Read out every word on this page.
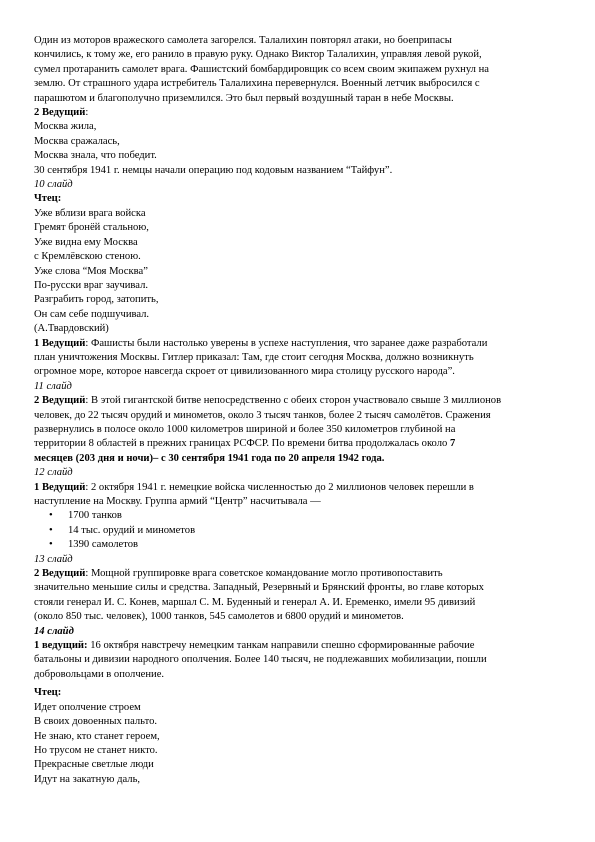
Один из моторов вражеского самолета загорелся. Талалихин повторял атаки, но боеприпасы
кончились, к тому же, его ранило в правую руку. Однако Виктор Талалихин, управляя левой рукой,
сумел протаранить самолет врага. Фашистский бомбардировщик со всем своим экипажем рухнул на
землю. От страшного удара истребитель Талалихина перевернулся. Военный летчик выбросился с
парашютом и благополучно приземлился. Это был первый воздушный таран в небе Москвы.

2 Ведущий:

Москва жила,

Москва сражалась,

Москва знала, что победит.

30 сентября 1941 г. немцы начали операцию под кодовым названием “Тайфун”.

10 слайд

Чтец:

Уже вблизи врага войска

Гремят бронёй стальною,

Уже видна ему Москва

с Кремлёвскою стеною.

Уже слова “Моя Москва”

По-русски враг заучивал.

Разграбить город, затопить,

Он сам себе подшучивал.

(А.Твардовский)

1 Ведущий: Фашисты были настолько уверены в успехе наступления, что заранее даже разработали
план уничтожения Москвы. Гитлер приказал: Там, где стоит сегодня Москва, должно возникнуть
огромное море, которое навсегда скроет от цивилизованного мира столицу русского народа”.

11 слайд

2 Ведущий: В этой гигантской битве непосредственно с обеих сторон участвовало свыше 3 миллионов
человек, до 22 тысяч орудий и минометов, около 3 тысяч танков, более 2 тысяч самолётов. Сражения
развернулись в полосе около 1000 километров шириной и более 350 километров глубиной на
территории 8 областей в прежних границах РСФСР. По времени битва продолжалась около 7
месяцев (203 дня и ночи)– с 30 сентября 1941 года по 20 апреля 1942 года.

12 слайд

1 Ведущий: 2 октября 1941 г. немецкие войска численностью до 2 миллионов человек перешли в
наступление на Москву. Группа армий “Центр” насчитывала —

• 1700 танков
• 14 тыс. орудий и минометов
• 1390 самолетов

13 слайд

2 Ведущий: Мощной группировке врага советское командование могло противопоставить
значительно меньшие силы и средства. Западный, Резервный и Брянский фронты, во главе которых
стояли генерал И. С. Конев, маршал С. М. Буденный и генерал А. И. Еременко, имели 95 дивизий
(около 850 тыс. человек), 1000 танков, 545 самолетов и 6800 орудий и минометов.

14 слайд

1 ведущий: 16 октября навстречу немецким танкам направили спешно сформированные рабочие
батальоны и дивизии народного ополчения. Более 140 тысяч, не подлежавших мобилизации, пошли
добровольцами в ополчение.

Чтец:

Идет ополчение строем

В своих довоенных пальто.

Не знаю, кто станет героем,

Но трусом не станет никто.

Прекрасные светлые люди

Идут на закатную даль,
